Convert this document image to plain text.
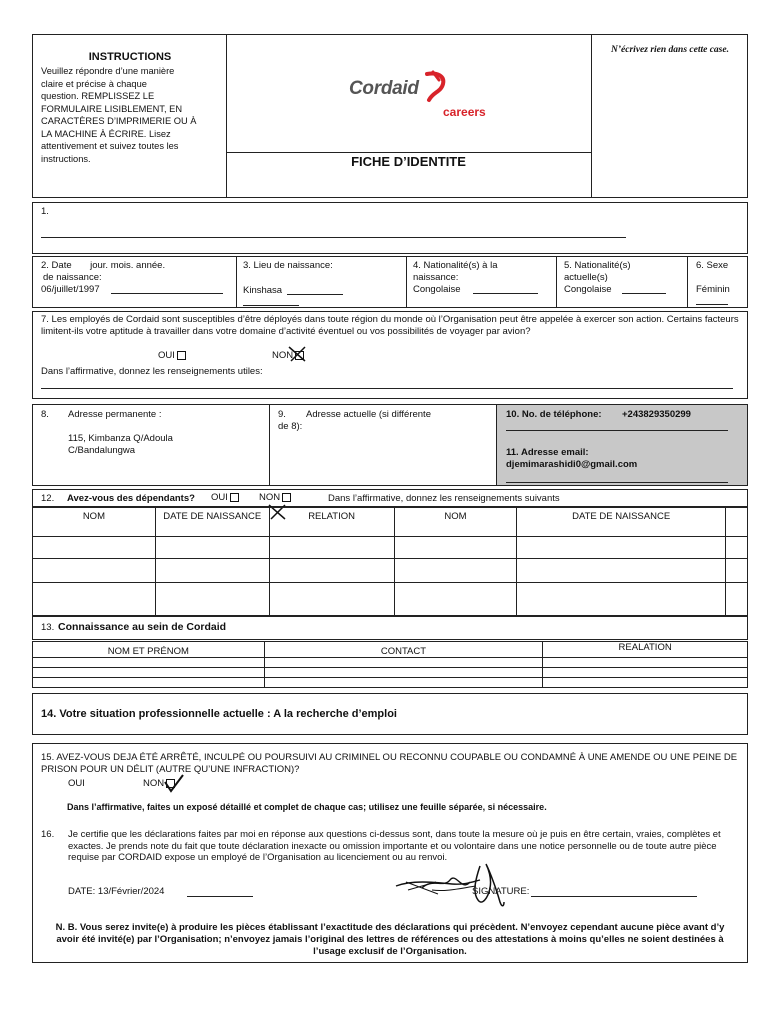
INSTRUCTIONS
Veuillez répondre d’une manière
claire et précise à chaque
question. REMPLISSEZ LE
FORMULAIRE LISIBLEMENT, EN
CARACTÈRES D’IMPRIMERIE OU À
LA MACHINE À ÉCRIRE. Lisez
attentivement et suivez toutes les
instructions.
Cordaid
careers
FICHE D’IDENTITE
N’écrivez rien dans cette case.
1.
2. Date       jour. mois. année.
de naissance:
06/juillet/1997
3. Lieu de naissance:
Kinshasa
4. Nationalité(s) à la
naissance:
Congolaise
5. Nationalité(s)
actuelle(s)
Congolaise
6. Sexe
Féminin
7. Les employés de Cordaid sont susceptibles d’être déployés dans toute région du monde où l’Organisation peut être appelée à exercer son action. Certains facteurs limitent-ils votre aptitude à travailler dans votre domaine d’activité éventuel ou vos possibilités de voyager par avion?
OUI	NON
Dans l’affirmative, donnez les renseignements utiles:
8. Adresse permanente :
115, Kimbanza Q/Adoula
C/Bandalungwa
9. Adresse actuelle (si différente
de 8):
10. No. de téléphone: +243829350299
11. Adresse email:
djemimarashidi0@gmail.com
12. Avez-vous des dépendants? OUI	NON	Dans l’affirmative, donnez les renseignements suivants
NOM	DATE DE NAISSANCE	RELATION	NOM	DATE DE NAISSANCE	

13. Connaissance au sein de Cordaid
NOM ET PRÉNOM	CONTACT	REALATION

14. Votre situation professionnelle actuelle : A la recherche d’emploi
15. AVEZ-VOUS DEJA ÉTÉ ARRÊTÉ, INCULPÉ OU POURSUIVI AU CRIMINEL OU RECONNU COUPABLE OU CONDAMNÉ À UNE AMENDE OU UNE PEINE DE PRISON POUR UN DÉLIT (AUTRE QU’UNE INFRACTION)?
OUI	NON
Dans l’affirmative, faites un exposé détaillé et complet de chaque cas; utilisez une feuille séparée, si nécessaire.
16. Je certifie que les déclarations faites par moi en réponse aux questions ci-dessus sont, dans toute la mesure où je puis en être certain, vraies, complètes et exactes. Je prends note du fait que toute déclaration inexacte ou omission importante et ou volontaire dans une notice personnelle ou de toute autre pièce requise par CORDAID expose un employé de l’Organisation au licenciement ou au renvoi.
DATE: 13/Février/2024	SIGNATURE:
N. B. Vous serez invite(e) à produire les pièces établissant l’exactitude des déclarations qui précèdent. N’envoyez cependant aucune pièce avant d’y avoir été invité(e) par l’Organisation; n’envoyez jamais l’original des lettres de références ou des attestations à moins qu’elles ne soient destinées à l’usage exclusif de l’Organisation.
